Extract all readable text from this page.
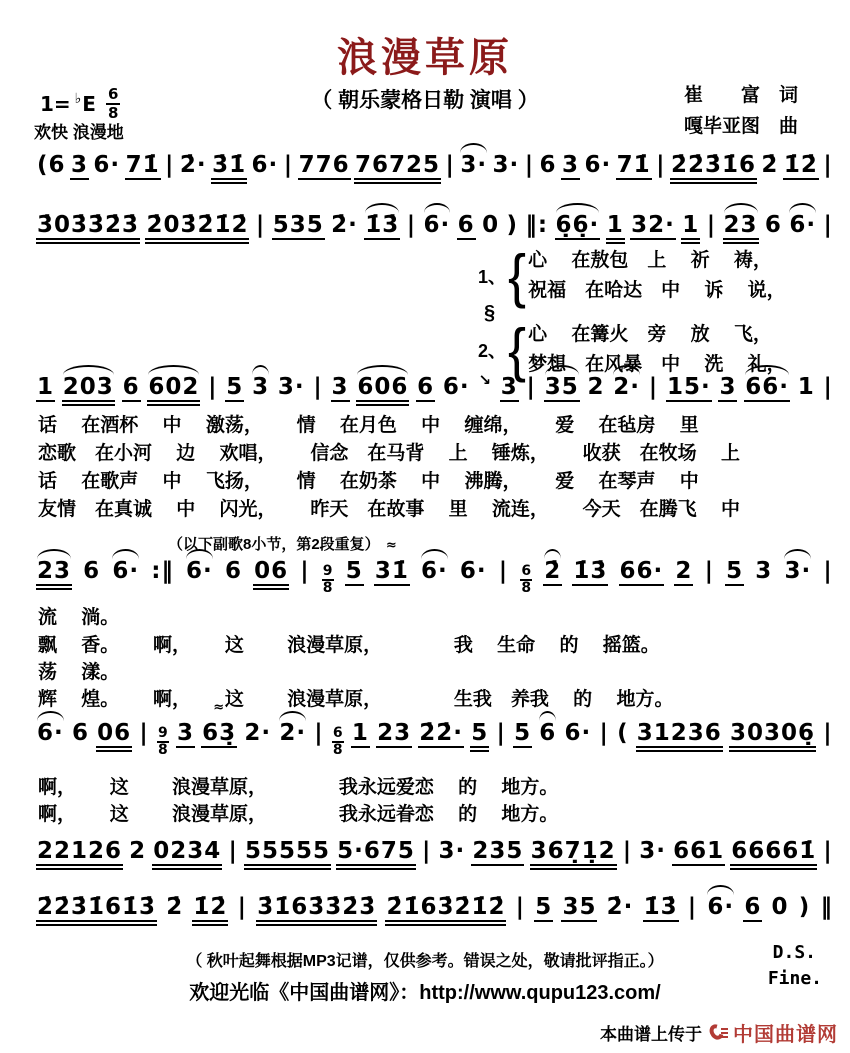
浪漫草原
（ 朝乐蒙格日勒 演唱 ）	崔　　富　词
嘎毕亚图　曲
1= ♭ E $\frac{6}{8}$
欢快 浪漫地
(6 3 6· 71̇ | 2̇· 3̇1̇ 6· | 776 76725 | 3· 3· | 6 3 6· 71̇ | 2̇2̇3̇1̇6 2̇ 1̇2̇ |
3̇03̇3̇2̇3̇ 2̇03̇2̇1̇2̇ | 535 2̇· 1̇3̇ | 6· 6 0 ) ‖: 6̣6̣· 1 32· 1 | 23 6 6· |
1 203 6 602 | 5 3 3· | 3 606 6 6· ↘ 3 | 35 2 2· | 15· 3 66· 1 |
23 6 6· :‖ 6· 6 06 | $\frac{9}{8} 5$ 31̇ ≈ 6· 6· | $\frac{6}{8}$ 2̇ 1̇3̇ 66· 2 | 5 3 3· |
6· 6 06 | $\frac{9}{8} 3$ 63̣ ≈ 2· 2· | $\frac{6}{8} 1$ 23 2̇2̇· 5 | 5 6 6· | ( 31236 30306̣ |
22126 2 0234 | 55555 5·675 | 3· 235 367̣1̣2 | 3· 661 66661̇ |
2̇2̇3̇1̇61̇3̇ 2̇ 1̇2̇ | 3̇1̇63̇3̇2̇3̇ 2̇1̇63̇2̇1̇2̇ | 5 35 2̇· 1̇3̇ | 6· 6 0 ) ‖
1、 { 心　 在敖包　上　 祈　 祷，
祝福　在哈达　中　 诉　 说，
§
2、 { 心　 在篝火　旁　 放　 飞，
梦想　在风暴　中　 洗　 礼，
话　 在酒杯　 中　 激荡，　　 情　 在月色　 中　 缠绵，　　 爱　 在毡房　 里
恋歌　在小河　 边　 欢唱，　　 信念　在马背　 上　 锤炼，　　 收获　在牧场　 上
话　 在歌声　 中　 飞扬，　　 情　 在奶茶　 中　 沸腾，　　 爱　 在琴声　 中
友情　在真诚　 中　 闪光，　　 昨天　在故事　 里　 流连，　　 今天　在腾飞　 中
（以下副歌8小节，第2段重复）
流　 淌。
飘　 香。　　 啊，　　 这　　 浪漫草原，　　　　 我　 生命　 的　 摇篮。
荡　 漾。
辉　 煌。　　 啊，　　 这　　 浪漫草原，　　　　 生我　养我　 的　 地方。
啊，　　 这　　 浪漫草原，　　　　 我永远爱恋　 的　 地方。
啊，　　 这　　 浪漫草原，　　　　 我永远眷恋　 的　 地方。
D.S.
Fine.
（ 秋叶起舞根据MP3记谱，仅供参考。错误之处，敬请批评指正。）
欢迎光临《中国曲谱网》：http://www.qupu123.com/
本曲谱上传于 中国曲谱网
